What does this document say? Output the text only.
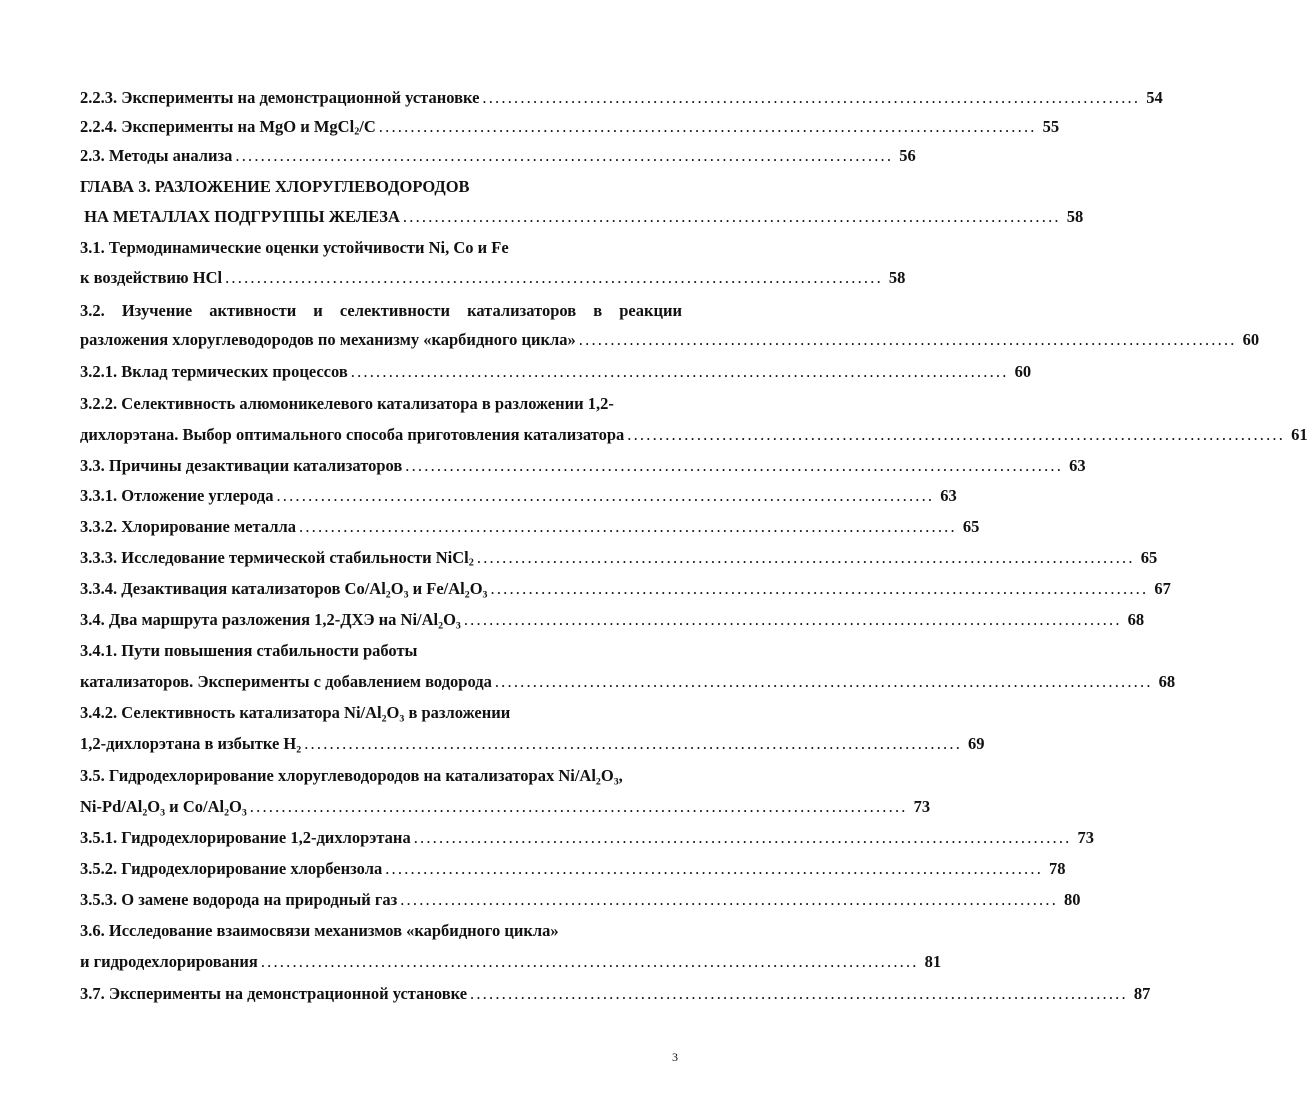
2.2.3. Эксперименты на демонстрационной установке ........................................................................................................ 54
2.2.4. Эксперименты на MgO и MgCl$_2$/C ........................................................................................................ 55
2.3. Методы анализа ........................................................................................................ 56
ГЛАВА 3. РАЗЛОЖЕНИЕ ХЛОРУГЛЕВОДОРОДОВ
НА МЕТАЛЛАХ ПОДГРУППЫ ЖЕЛЕЗА ........................................................................................................ 58
3.1. Термодинамические оценки устойчивости Ni, Co и Fe
к воздействию HCl ........................................................................................................ 58
3.2. Изучение активности и селективности катализаторов в реакции
разложения хлоруглеводородов по механизму «карбидного цикла» ........................................................................................................ 60
3.2.1. Вклад термических процессов ........................................................................................................ 60
3.2.2. Селективность алюмоникелевого катализатора в разложении 1,2-
дихлорэтана. Выбор оптимального способа приготовления катализатора ........................................................................................................ 61
3.3. Причины дезактивации катализаторов ........................................................................................................ 63
3.3.1. Отложение углерода ........................................................................................................ 63
3.3.2. Хлорирование металла ........................................................................................................ 65
3.3.3. Исследование термической стабильности NiCl$_2$ ........................................................................................................ 65
3.3.4. Дезактивация катализаторов Co/Al₂O₃ и Fe/Al₂O₃ ........................................................................................................ 67
3.4. Два маршрута разложения 1,2-ДХЭ на Ni/Al₂O₃ ........................................................................................................ 68
3.4.1. Пути повышения стабильности работы
катализаторов. Эксперименты с добавлением водорода ........................................................................................................ 68
3.4.2. Селективность катализатора Ni/Al₂O₃ в разложении
1,2-дихлорэтана в избытке H₂ ........................................................................................................ 69
3.5. Гидродехлорирование хлоруглеводородов на катализаторах Ni/Al₂O₃,
Ni-Pd/Al₂O₃ и Co/Al₂O₃ ........................................................................................................ 73
3.5.1. Гидродехлорирование 1,2-дихлорэтана ........................................................................................................ 73
3.5.2. Гидродехлорирование хлорбензола ........................................................................................................ 78
3.5.3. О замене водорода на природный газ ........................................................................................................ 80
3.6. Исследование взаимосвязи механизмов «карбидного цикла»
и гидродехлорирования ........................................................................................................ 81
3.7. Эксперименты на демонстрационной установке ........................................................................................................ 87
3
